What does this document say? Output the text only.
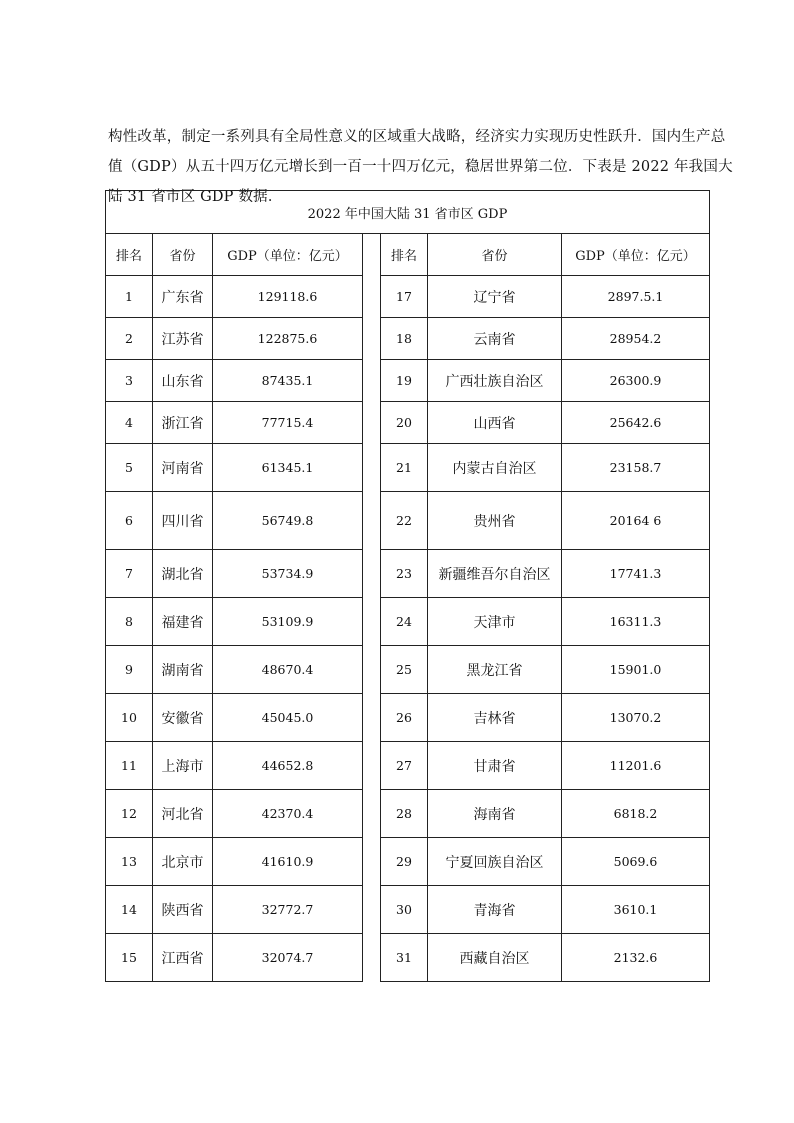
构性改革，制定一系列具有全局性意义的区域重大战略，经济实力实现历史性跃升．国内生产总

值（GDP）从五十四万亿元增长到一百一十四万亿元，稳居世界第二位．下表是 2022 年我国大

陆 31 省市区 GDP 数据．

2022 年中国大陆 31 省市区 GDP						
排名	省份	GDP（单位：亿元）		排名	省份	GDP（单位：亿元）
1	广东省	129118.6		17	辽宁省	2897.5.1
2	江苏省	122875.6		18	云南省	28954.2
3	山东省	87435.1		19	广西壮族自治区	26300.9
4	浙江省	77715.4		20	山西省	25642.6
5	河南省	61345.1		21	内蒙古自治区	23158.7
6	四川省	56749.8		22	贵州省	20164 6
7	湖北省	53734.9		23	新疆维吾尔自治区	17741.3
8	福建省	53109.9		24	天津市	16311.3
9	湖南省	48670.4		25	黑龙江省	15901.0
10	安徽省	45045.0		26	吉林省	13070.2
11	上海市	44652.8		27	甘肃省	11201.6
12	河北省	42370.4		28	海南省	6818.2
13	北京市	41610.9		29	宁夏回族自治区	5069.6
14	陕西省	32772.7		30	青海省	3610.1
15	江西省	32074.7		31	西藏自治区	2132.6
